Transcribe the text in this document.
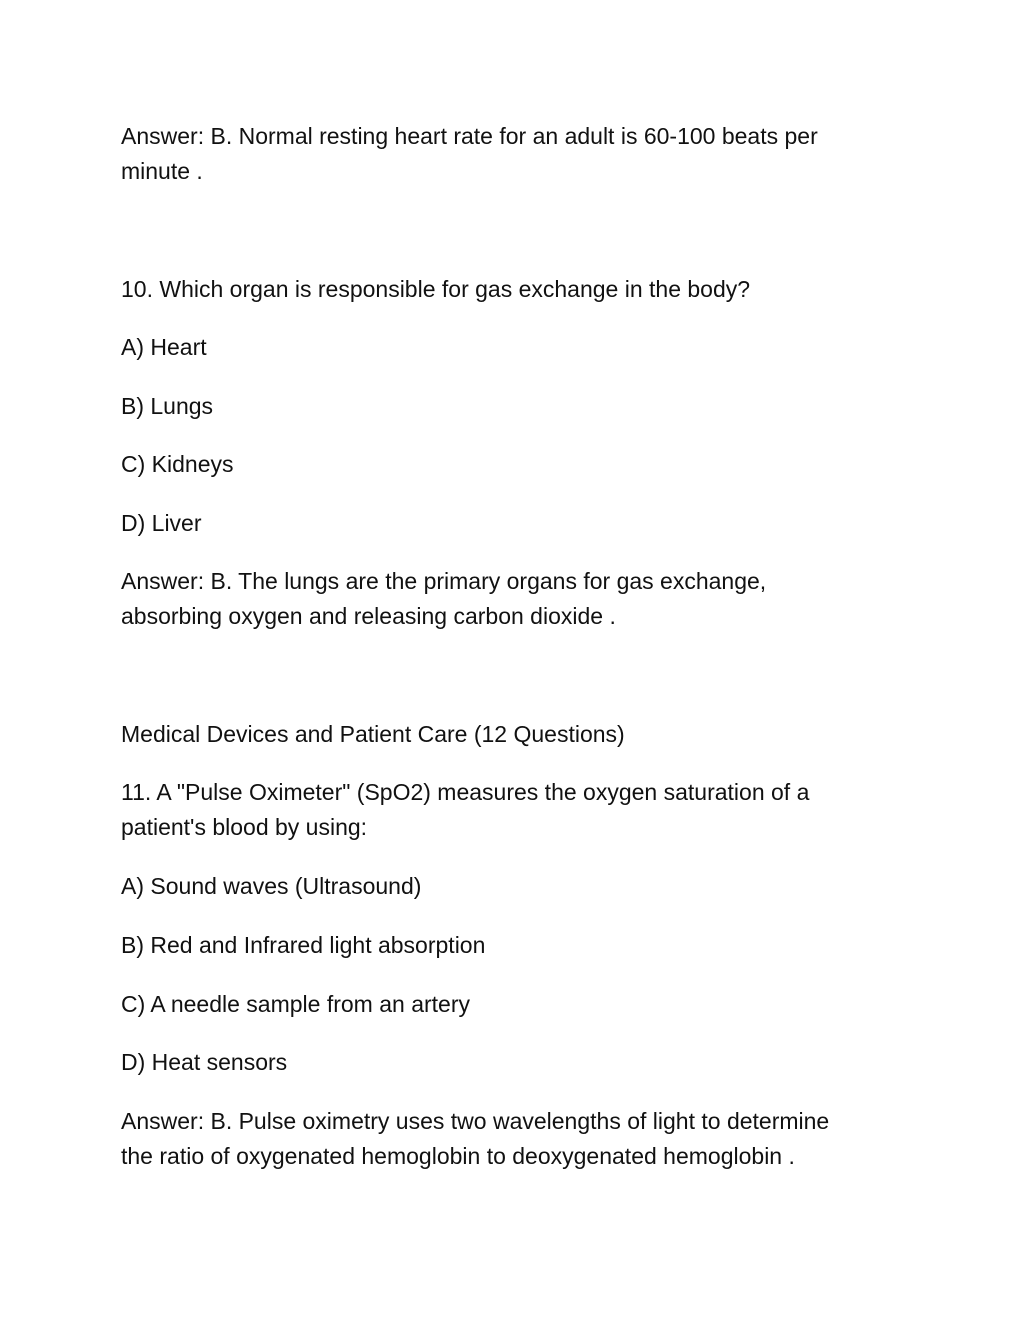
Answer: B. Normal resting heart rate for an adult is 60-100 beats per
minute .

10. Which organ is responsible for gas exchange in the body?

A) Heart

B) Lungs

C) Kidneys

D) Liver

Answer: B. The lungs are the primary organs for gas exchange,
absorbing oxygen and releasing carbon dioxide .

Medical Devices and Patient Care (12 Questions)

11. A "Pulse Oximeter" (SpO2) measures the oxygen saturation of a
patient's blood by using:

A) Sound waves (Ultrasound)

B) Red and Infrared light absorption

C) A needle sample from an artery

D) Heat sensors

Answer: B. Pulse oximetry uses two wavelengths of light to determine
the ratio of oxygenated hemoglobin to deoxygenated hemoglobin .
